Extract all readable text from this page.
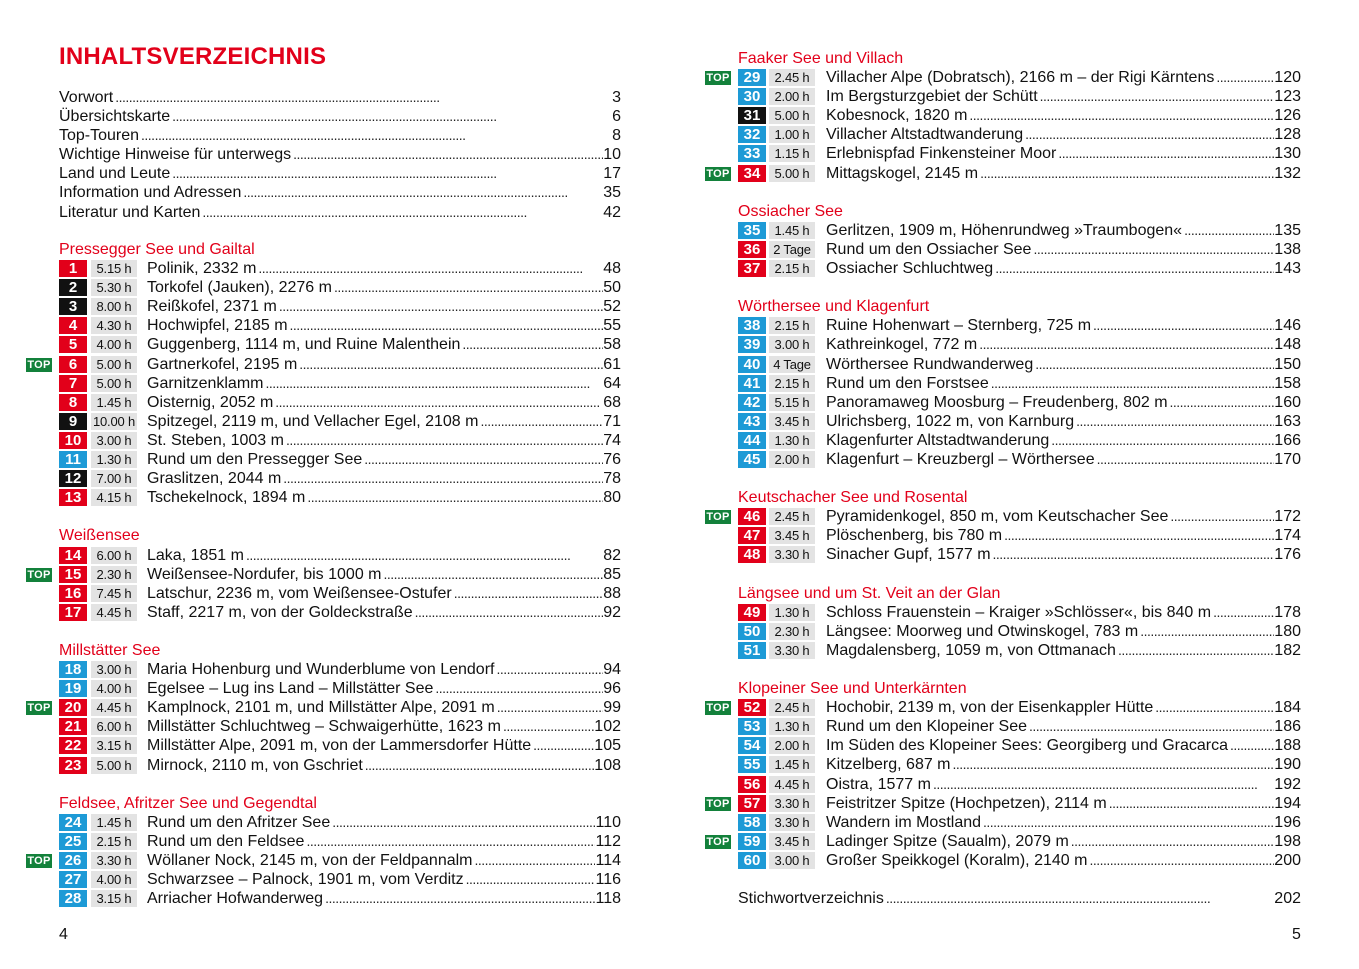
INHALTSVERZEICHNIS
Vorwort . . .	3
Übersichtskarte . . .	6
Top-Touren . . .	8
Wichtige Hinweise für unterwegs . . .	10
Land und Leute . . .	17
Information und Adressen . . .	35
Literatur und Karten . . .	42
Pressegger See und Gailtal
1	5.15 h Polinik, 2332 m . . .	48
2	5.30 h Torkofel (Jauken), 2276 m . . .	50
3	8.00 h Reißkofel, 2371 m . . .	52
4	4.30 h Hochwipfel, 2185 m . . .	55
5	4.00 h Guggenberg, 1114 m, und Ruine Malenthein . . .	58
TOP	6	5.00 h Gartnerkofel, 2195 m . . .	61
7	5.00 h Garnitzenklamm . . .	64
8	1.45 h Oisternig, 2052 m . . .	68
9	10.00 h Spitzegel, 2119 m, und Vellacher Egel, 2108 m . . .	71
10	3.00 h St. Steben, 1003 m . . .	74
11	1.30 h Rund um den Pressegger See . . .	76
12	7.00 h Graslitzen, 2044 m . . .	78
13	4.15 h Tschekelnock, 1894 m . . .	80
Weißensee
14	6.00 h Laka, 1851 m . . .	82
TOP 15	2.30 h Weißensee-Nordufer, bis 1000 m . . .	85
16	7.45 h Latschur, 2236 m, vom Weißensee-Ostufer . . .	88
17	4.45 h Staff, 2217 m, von der Goldeckstraße . . .	92
Millstätter See
18	3.00 h Maria Hohenburg und Wunderblume von Lendorf . . .	94
19	4.00 h Egelsee – Lug ins Land – Millstätter See . . .	96
TOP 20	4.45 h Kamplnock, 2101 m, und Millstätter Alpe, 2091 m . . .	99
21	6.00 h Millstätter Schluchtweg – Schwaigerhütte, 1623 m . . .	102
22	3.15 h Millstätter Alpe, 2091 m, von der Lammersdorfer Hütte . . .	105
23	5.00 h Mirnock, 2110 m, von Gschriet . . .	108
Feldsee, Afritzer See und Gegendtal
24	1.45 h Rund um den Afritzer See . . .	110
25	2.15 h Rund um den Feldsee . . .	112
TOP 26	3.30 h Wöllaner Nock, 2145 m, von der Feldpannalm . . .	114
27	4.00 h Schwarzsee – Palnock, 1901 m, vom Verditz . . .	116
28	3.15 h Arriacher Hofwanderweg . . .	118
4
Faaker See und Villach
TOP 29	2.45 h	Villacher Alpe (Dobratsch), 2166 m – der Rigi Kärntens . . .	120
30	2.00 h	Im Bergsturzgebiet der Schütt . . .	123
31	5.00 h	Kobesnock, 1820 m . . .	126
32	1.00 h	Villacher Altstadtwanderung . . .	128
33	1.15 h	Erlebnispfad Finkensteiner Moor . . .	130
TOP 34	5.00 h	Mittagskogel, 2145 m . . .	132
Ossiacher See
35	1.45 h	Gerlitzen, 1909 m, Höhenrundweg »Traumbogen« . . .	135
36 2 Tage Rund um den Ossiacher See . . .	138
37	2.15 h	Ossiacher Schluchtweg . . .	143
Wörthersee und Klagenfurt
38	2.15 h	Ruine Hohenwart – Sternberg, 725 m . . .	146
39	3.00 h	Kathreinkogel, 772 m . . .	148
40 4 Tage Wörthersee Rundwanderweg . . .	150
41	2.15 h	Rund um den Forstsee . . .	158
42	5.15 h	Panoramaweg Moosburg – Freudenberg, 802 m . . .	160
43	3.45 h	Ulrichsberg, 1022 m, von Karnburg . . .	163
44	1.30 h	Klagenfurter Altstadtwanderung . . .	166
45	2.00 h	Klagenfurt – Kreuzbergl – Wörthersee . . .	170
Keutschacher See und Rosental
TOP 46	2.45 h	Pyramidenkogel, 850 m, vom Keutschacher See . . .	172
47	3.45 h	Plöschenberg, bis 780 m . . .	174
48	3.30 h	Sinacher Gupf, 1577 m . . .	176
Längsee und um St. Veit an der Glan
49	1.30 h	Schloss Frauenstein – Kraiger »Schlösser«, bis 840 m . . .	178
50	2.30 h	Längsee: Moorweg und Otwinskogel, 783 m . . .	180
51	3.30 h	Magdalensberg, 1059 m, von Ottmanach . . .	182
Klopeiner See und Unterkärnten
TOP 52	2.45 h	Hochobir, 2139 m, von der Eisenkappler Hütte . . .	184
53	1.30 h	Rund um den Klopeiner See . . .	186
54	2.00 h	Im Süden des Klopeiner Sees: Georgiberg und Gracarca . . .	188
55	1.45 h	Kitzelberg, 687 m . . .	190
56	4.45 h	Oistra, 1577 m . . .	192
TOP 57	3.30 h	Feistritzer Spitze (Hochpetzen), 2114 m . . .	194
58	3.30 h	Wandern im Mostland . . .	196
TOP 59	3.45 h	Ladinger Spitze (Saualm), 2079 m . . .	198
60	3.00 h	Großer Speikkogel (Koralm), 2140 m . . .	200
Stichwortverzeichnis . . .	202
5
